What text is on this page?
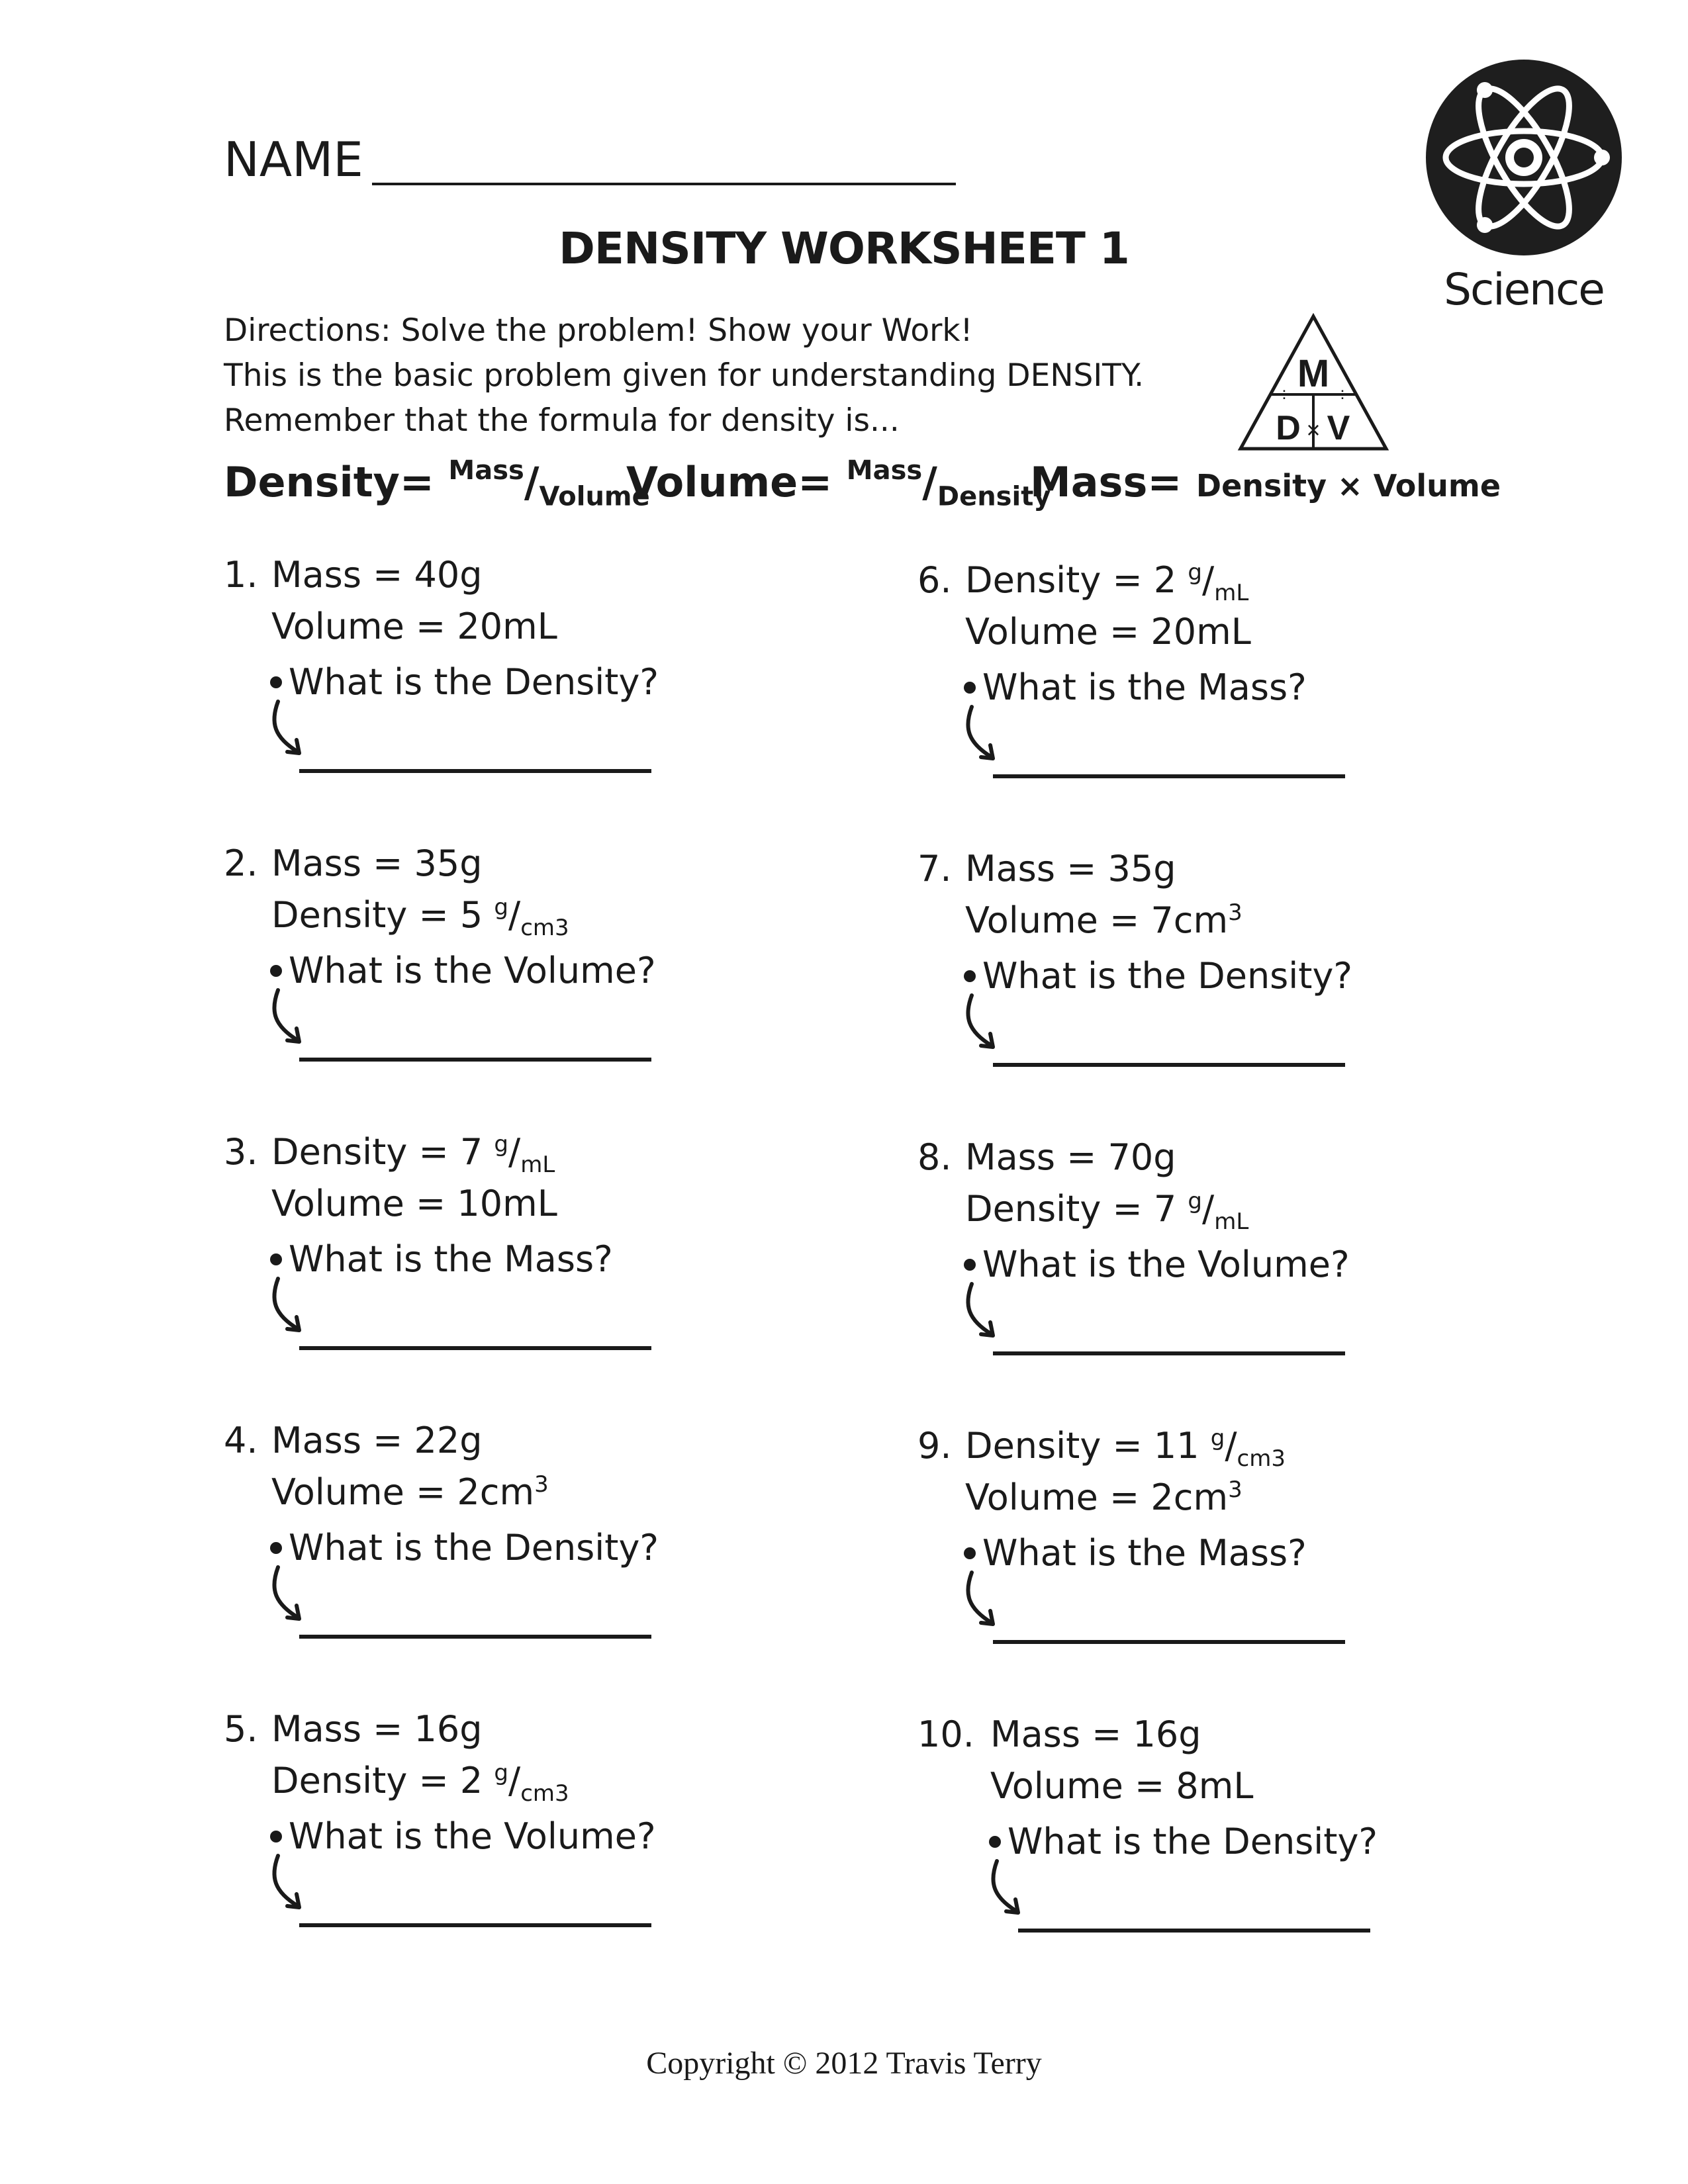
NAME
DENSITY WORKSHEET 1
Science
Directions: Solve the problem! Show your Work!
This is the basic problem given for understanding DENSITY.
Remember that the formula for density is...
M
÷ ÷
D × V
Density= $^{Mass}/_{Volume}$
Volume= $^{Mass}/_{Density}$
Mass= Density × Volume
1. Mass = 40g
Volume = 20mL
What is the Density?
2. Mass = 35g
Density = 5 $^g/_{cm3}$
What is the Volume?
3. Density = 7 $^g/_{mL}$
Volume = 10mL
What is the Mass?
4. Mass = 22g
Volume = $2cm^3$
What is the Density?
5. Mass = 16g
Density = 2 $^g/_{cm3}$
What is the Volume?
6. Density = 2 $^g/_{mL}$
Volume = 20mL
What is the Mass?
7. Mass = 35g
Volume = $7cm^3$
What is the Density?
8. Mass = 70g
Density = 7 $^g/_{mL}$
What is the Volume?
9. Density = 11 $^g/_{cm3}$
Volume = $2cm^3$
What is the Mass?
10. Mass = 16g
Volume = 8mL
What is the Density?
Copyright © 2012 Travis Terry
